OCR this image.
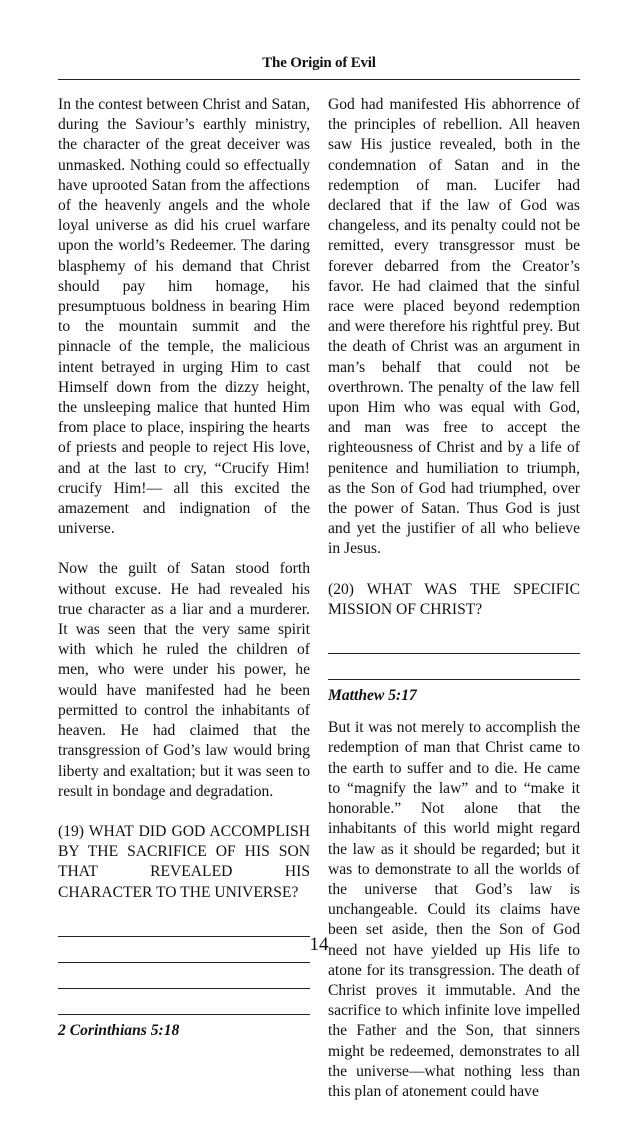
The Origin of Evil

In the contest between Christ and Satan, during the Saviour’s earthly ministry, the character of the great deceiver was unmasked. Nothing could so effectually have uprooted Satan from the affections of the heavenly angels and the whole loyal universe as did his cruel warfare upon the world’s Redeemer. The daring blasphemy of his demand that Christ should pay him homage, his presumptuous boldness in bearing Him to the mountain summit and the pinnacle of the temple, the malicious intent betrayed in urging Him to cast Himself down from the dizzy height, the unsleeping malice that hunted Him from place to place, inspiring the hearts of priests and people to reject His love, and at the last to cry, “Crucify Him! crucify Him!— all this excited the amazement and indignation of the universe.

Now the guilt of Satan stood forth without excuse. He had revealed his true character as a liar and a murderer. It was seen that the very same spirit with which he ruled the children of men, who were under his power, he would have manifested had he been permitted to control the inhabitants of heaven. He had claimed that the transgression of God’s law would bring liberty and exaltation; but it was seen to result in bondage and degradation.

(19) WHAT DID GOD ACCOMPLISH BY THE SACRIFICE OF HIS SON THAT REVEALED HIS CHARACTER TO THE UNIVERSE?
2 Corinthians 5:18

God had manifested His abhorrence of the principles of rebellion. All heaven saw His justice revealed, both in the condemnation of Satan and in the redemption of man. Lucifer had declared that if the law of God was changeless, and its penalty could not be remitted, every transgressor must be forever debarred from the Creator’s favor. He had claimed that the sinful race were placed beyond redemption and were therefore his rightful prey. But the death of Christ was an argument in man’s behalf that could not be overthrown. The penalty of the law fell upon Him who was equal with God, and man was free to accept the righteousness of Christ and by a life of penitence and humiliation to triumph, as the Son of God had triumphed, over the power of Satan. Thus God is just and yet the justifier of all who believe in Jesus.

(20) WHAT WAS THE SPECIFIC MISSION OF CHRIST?
Matthew 5:17

But it was not merely to accomplish the redemption of man that Christ came to the earth to suffer and to die. He came to “magnify the law” and to “make it honorable.” Not alone that the inhabitants of this world might regard the law as it should be regarded; but it was to demonstrate to all the worlds of the universe that God’s law is unchangeable. Could its claims have been set aside, then the Son of God need not have yielded up His life to atone for its transgression. The death of Christ proves it immutable. And the sacrifice to which infinite love impelled the Father and the Son, that sinners might be redeemed, demonstrates to all the universe—what nothing less than this plan of atonement could have

14
